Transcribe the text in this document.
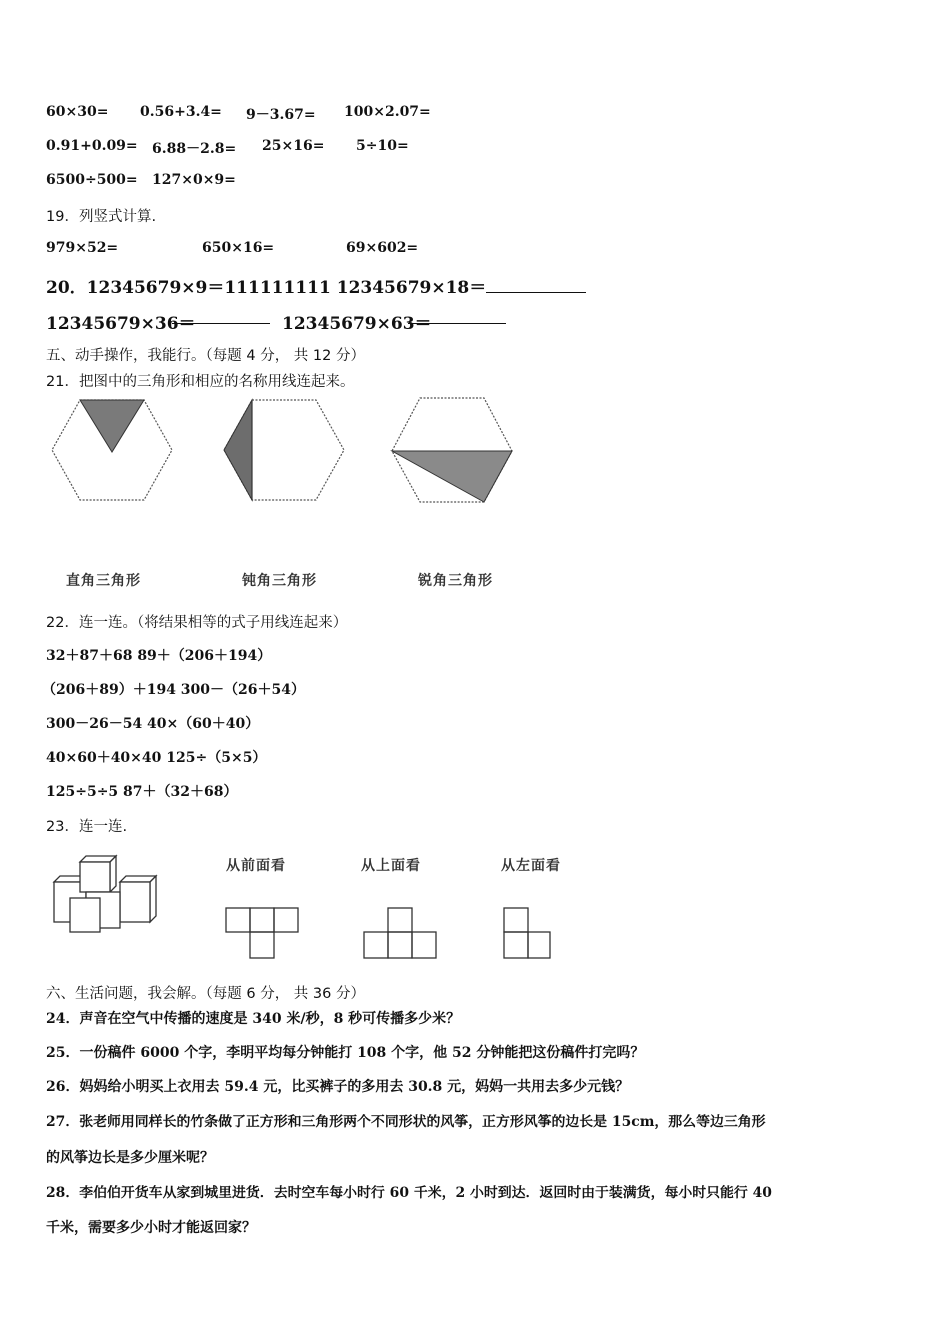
60×30= 0.56+3.4= 9－3.67= 100×2.07=
0.91+0.09= 6.88－2.8= 25×16= 5÷10=
6500÷500= 127×0×9=
19．列竖式计算.
979×52=	650×16=	69×602=
20．12345679×9＝111111111 12345679×18＝
12345679×36＝	12345679×63＝
五、动手操作，我能行。（每题 4 分， 共 12 分）
21．把图中的三角形和相应的名称用线连起来。
直角三角形	钝角三角形	锐角三角形
22．连一连。（将结果相等的式子用线连起来）
32＋87＋68 89＋（206＋194）
（206＋89）＋194 300－（26＋54）
300－26－54 40×（60＋40）
40×60＋40×40 125÷（5×5）
125÷5÷5 87＋（32＋68）
23．连一连.
从前面看	从上面看	从左面看
六、生活问题，我会解。（每题 6 分， 共 36 分）
24．声音在空气中传播的速度是 340 米/秒，8 秒可传播多少米？
25．一份稿件 6000 个字，李明平均每分钟能打 108 个字，他 52 分钟能把这份稿件打完吗？
26．妈妈给小明买上衣用去 59.4 元，比买裤子的多用去 30.8 元，妈妈一共用去多少元钱？
27．张老师用同样长的竹条做了正方形和三角形两个不同形状的风筝，正方形风筝的边长是 15cm，那么等边三角形
的风筝边长是多少厘米呢？
28．李伯伯开货车从家到城里进货．去时空车每小时行 60 千米，2 小时到达．返回时由于装满货，每小时只能行 40
千米，需要多少小时才能返回家？
